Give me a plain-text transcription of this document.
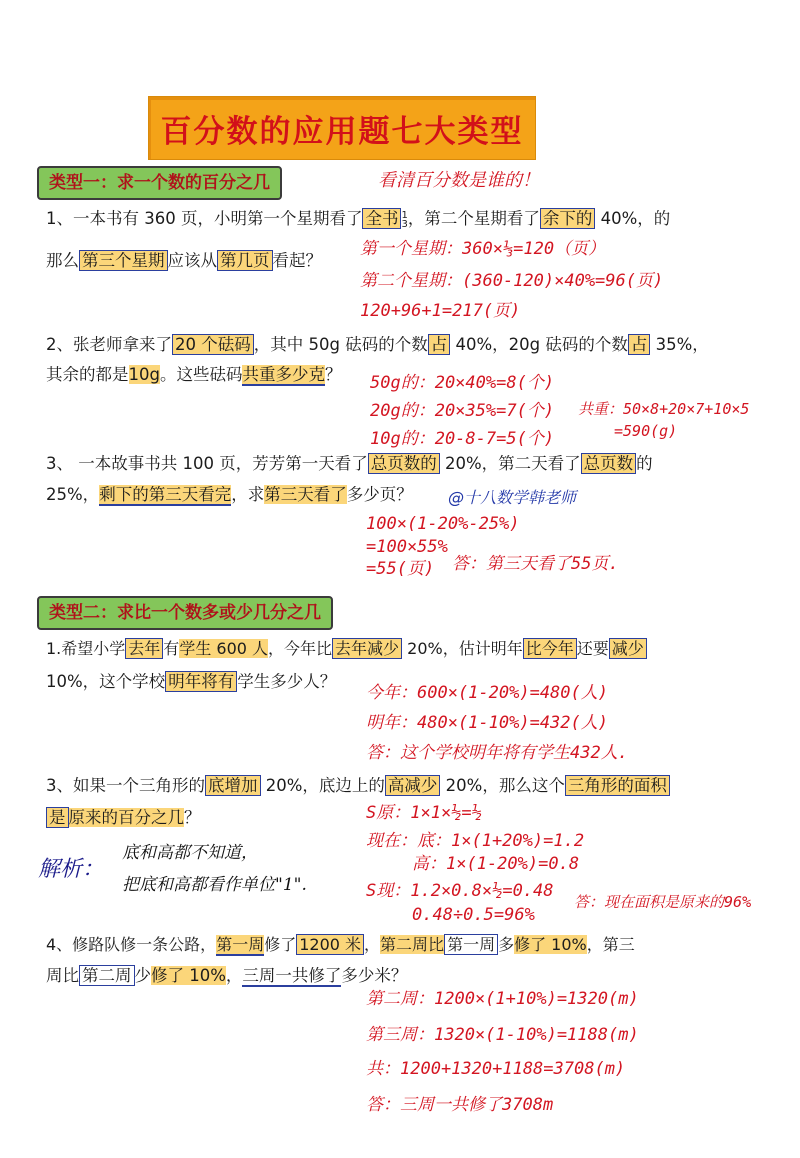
百分数的应用题七大类型
类型一：求一个数的百分之几	看清百分数是谁的！
1、一本书有 360 页，小明第一个星期看了 全书 1
3，第二个星期看了 余下的 40%，的
那么 第三个星期 应该从 第几页 看起？
第一个星期：360×⅓=120（页）
第二个星期：(360-120)×40%=96(页)
120+96+1=217(页)
2、张老师拿来了 20 个砝码 ，其中 50g 砝码的个数 占 40%，20g 砝码的个数 占 35%，
其余的都是10g。这些砝码共重多少克？ 50g的：20×40%=8(个)
20g的：20×35%=7(个)
10g的：20-8-7=5(个)
共重：50×8+20×7+10×5
=590(g)
3、 一本故事书共 100 页，芳芳第一天看了 总页数的 20%，第二天看了 总页数 的
25%，剩下的第三天看完，求第三天看了多少页？ @十八数学韩老师
100×(1-20%-25%)
=100×55%
=55(页) 答：第三天看了55页.
类型二：求比一个数多或少几分之几
1.希望小学 去年 有学生 600 人，今年比 去年减少 20%，估计明年 比今年 还要 减少
10%，这个学校 明年将有 学生多少人？
今年：600×(1-20%)=480(人)
明年：480×(1-10%)=432(人)
答：这个学校明年将有学生432人.
3、如果一个三角形的 底增加 20%，底边上的 高减少 20%，那么这个 三角形的面积
是 原来的百分之几？
解析：
底和高都不知道，
把底和高都看作单位"1".
S原：1×1×½=½
现在：底：1×(1+20%)=1.2
高：1×(1-20%)=0.8
S现：1.2×0.8×½=0.48
0.48÷0.5=96%
答：现在面积是原来的96%
4、修路队修一条公路，第一周修了 1200 米 ，第二周比 第一周 多修了 10%，第三
周比 第二周 少修了 10%，三周一共修了多少米？
第二周：1200×(1+10%)=1320(m)
第三周：1320×(1-10%)=1188(m)
共：1200+1320+1188=3708(m)
答：三周一共修了3708m
